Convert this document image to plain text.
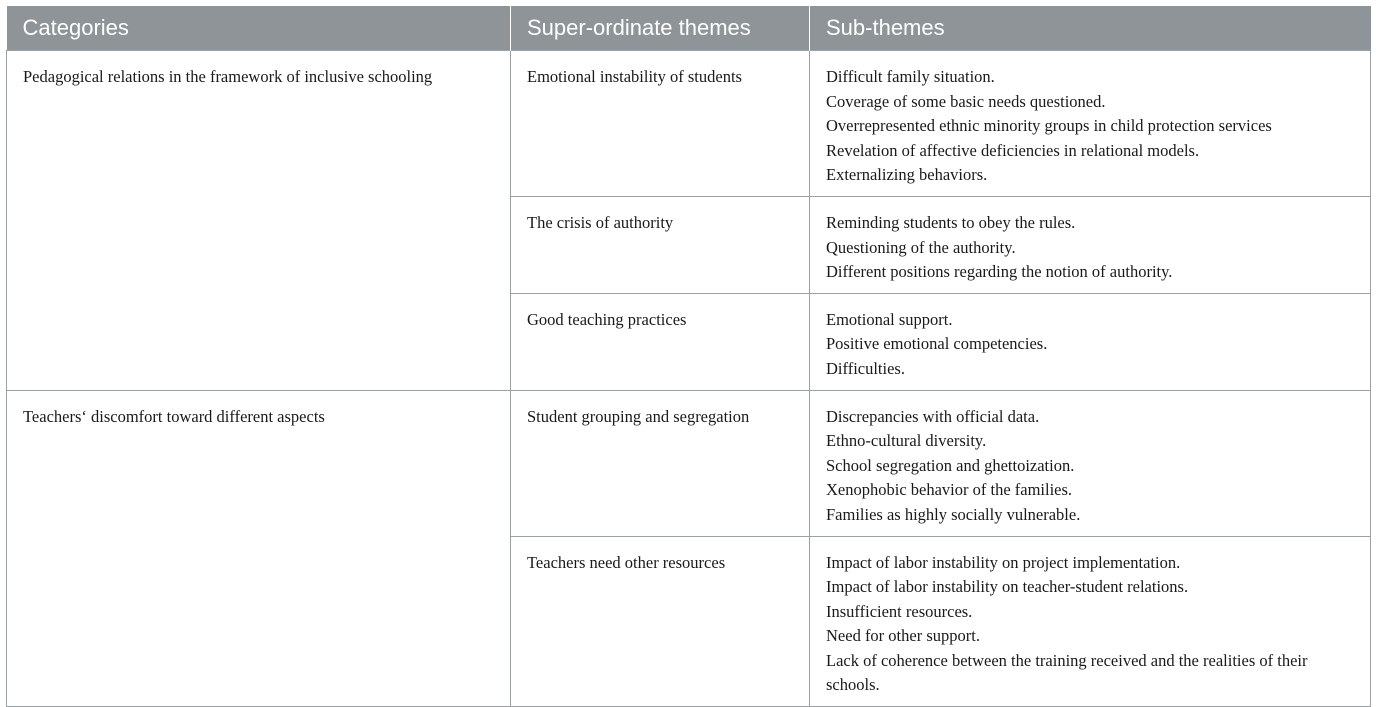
Categories	Super-ordinate themes	Sub-themes
Pedagogical relations in the framework of inclusive schooling	Emotional instability of students	Difficult family situation.
Coverage of some basic needs questioned.
Overrepresented ethnic minority groups in child protection services
Revelation of affective deficiencies in relational models.
Externalizing behaviors.

	The crisis of authority	Reminding students to obey the rules.
Questioning of the authority.
Different positions regarding the notion of authority.

	Good teaching practices	Emotional support.
Positive emotional competencies.
Difficulties.

Teachers‘ discomfort toward different aspects	Student grouping and segregation	Discrepancies with official data.
Ethno-cultural diversity.
School segregation and ghettoization.
Xenophobic behavior of the families.
Families as highly socially vulnerable.

	Teachers need other resources	Impact of labor instability on project implementation.
Impact of labor instability on teacher-student relations.
Insufficient resources.
Need for other support.
Lack of coherence between the training received and the realities of their schools.
